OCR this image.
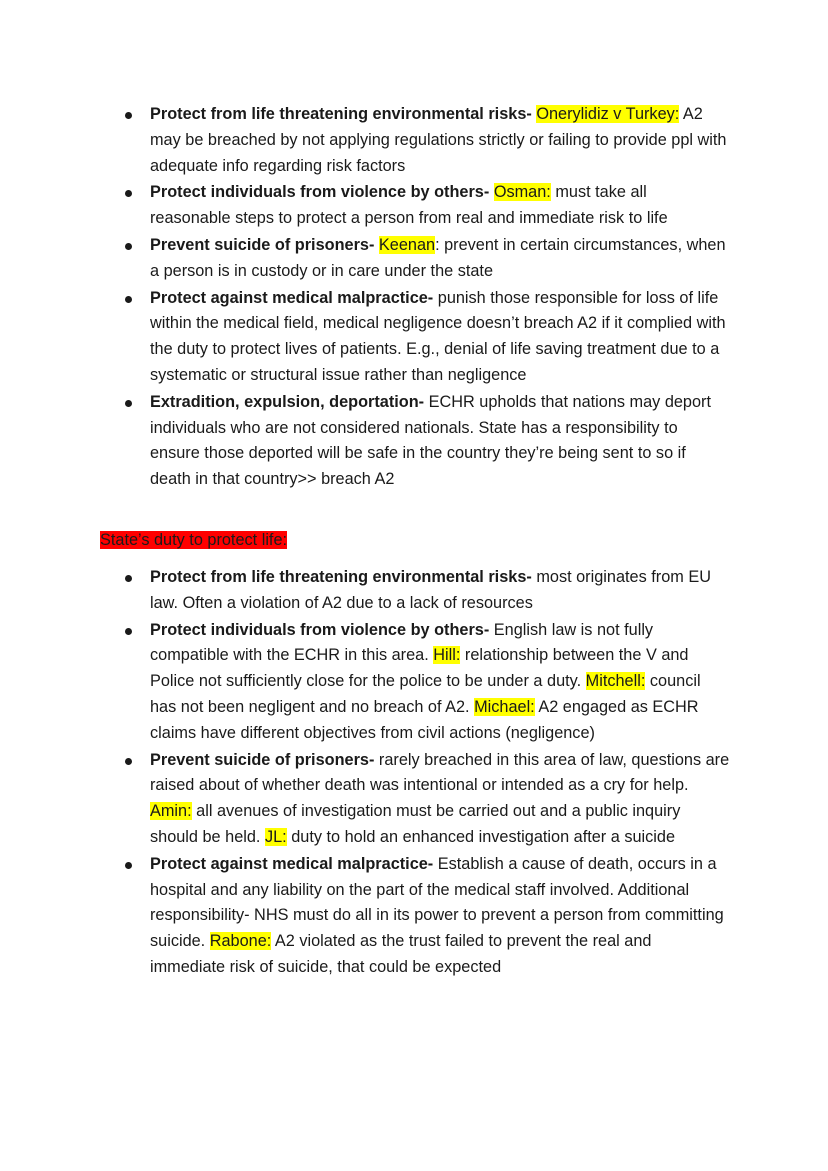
Protect from life threatening environmental risks- Onerylidiz v Turkey: A2 may be breached by not applying regulations strictly or failing to provide ppl with adequate info regarding risk factors
Protect individuals from violence by others- Osman: must take all reasonable steps to protect a person from real and immediate risk to life
Prevent suicide of prisoners- Keenan: prevent in certain circumstances, when a person is in custody or in care under the state
Protect against medical malpractice- punish those responsible for loss of life within the medical field, medical negligence doesn’t breach A2 if it complied with the duty to protect lives of patients. E.g., denial of life saving treatment due to a systematic or structural issue rather than negligence
Extradition, expulsion, deportation- ECHR upholds that nations may deport individuals who are not considered nationals. State has a responsibility to ensure those deported will be safe in the country they’re being sent to so if death in that country>> breach A2
State’s duty to protect life:
Protect from life threatening environmental risks- most originates from EU law. Often a violation of A2 due to a lack of resources
Protect individuals from violence by others- English law is not fully compatible with the ECHR in this area. Hill: relationship between the V and Police not sufficiently close for the police to be under a duty. Mitchell: council has not been negligent and no breach of A2. Michael: A2 engaged as ECHR claims have different objectives from civil actions (negligence)
Prevent suicide of prisoners- rarely breached in this area of law, questions are raised about of whether death was intentional or intended as a cry for help. Amin: all avenues of investigation must be carried out and a public inquiry should be held. JL: duty to hold an enhanced investigation after a suicide
Protect against medical malpractice- Establish a cause of death, occurs in a hospital and any liability on the part of the medical staff involved. Additional responsibility- NHS must do all in its power to prevent a person from committing suicide. Rabone: A2 violated as the trust failed to prevent the real and immediate risk of suicide, that could be expected
